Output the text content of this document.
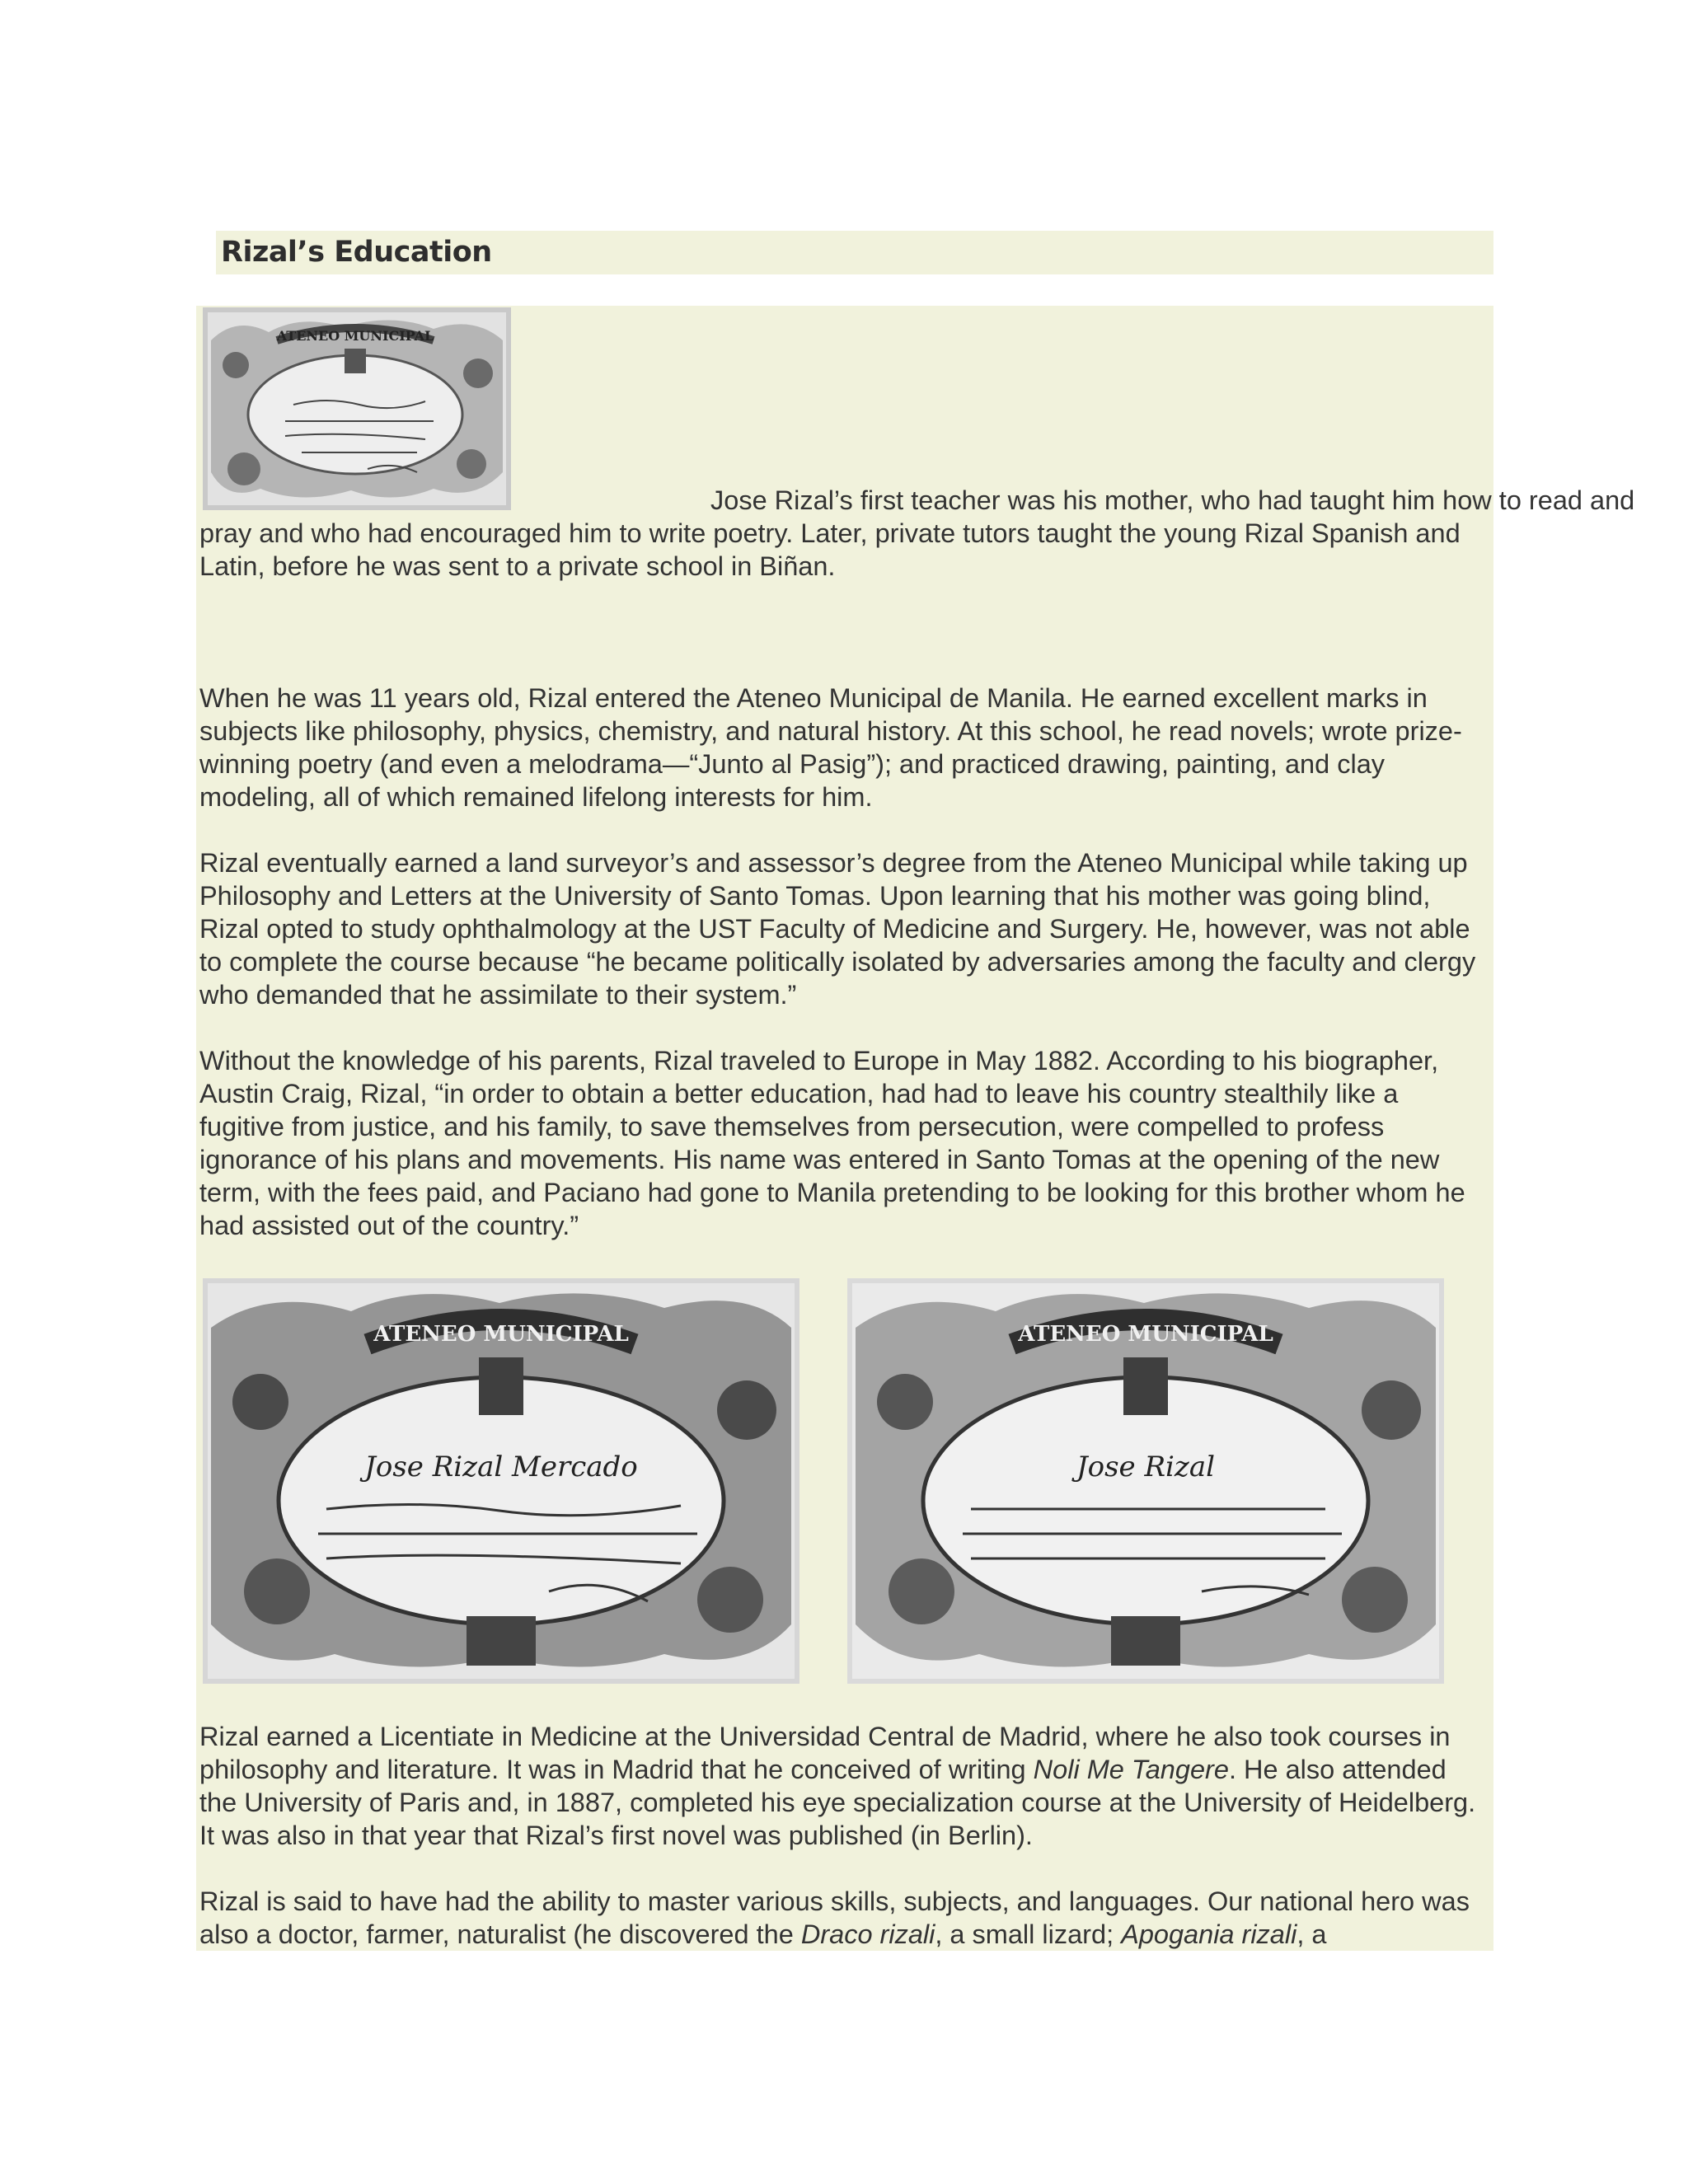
Rizal’s Education
ATENEO MUNICIPAL

Jose Rizal’s first teacher was his mother, who had taught him how to read and

pray and who had encouraged him to write poetry. Later, private tutors taught the young Rizal Spanish and Latin, before he was sent to a private school in Biñan.

When he was 11 years old, Rizal entered the Ateneo Municipal de Manila. He earned excellent marks in subjects like philosophy, physics, chemistry, and natural history. At this school, he read novels; wrote prize-winning poetry (and even a melodrama—“Junto al Pasig”); and practiced drawing, painting, and clay modeling, all of which remained lifelong interests for him.

Rizal eventually earned a land surveyor’s and assessor’s degree from the Ateneo Municipal while taking up Philosophy and Letters at the University of Santo Tomas. Upon learning that his mother was going blind, Rizal opted to study ophthalmology at the UST Faculty of Medicine and Surgery. He, however, was not able to complete the course because “he became politically isolated by adversaries among the faculty and clergy who demanded that he assimilate to their system.”

Without the knowledge of his parents, Rizal traveled to Europe in May 1882. According to his biographer, Austin Craig, Rizal, “in order to obtain a better education, had had to leave his country stealthily like a fugitive from justice, and his family, to save themselves from persecution, were compelled to profess ignorance of his plans and movements. His name was entered in Santo Tomas at the opening of the new term, with the fees paid, and Paciano had gone to Manila pretending to be looking for this brother whom he had assisted out of the country.”

ATENEO MUNICIPAL
Jose Rizal Mercado
ATENEO MUNICIPAL
Jose Rizal

Rizal earned a Licentiate in Medicine at the Universidad Central de Madrid, where he also took courses in philosophy and literature. It was in Madrid that he conceived of writing Noli Me Tangere. He also attended the University of Paris and, in 1887, completed his eye specialization course at the University of Heidelberg. It was also in that year that Rizal’s first novel was published (in Berlin).

Rizal is said to have had the ability to master various skills, subjects, and languages. Our national hero was also a doctor, farmer, naturalist (he discovered the Draco rizali, a small lizard; Apogania rizali, a
